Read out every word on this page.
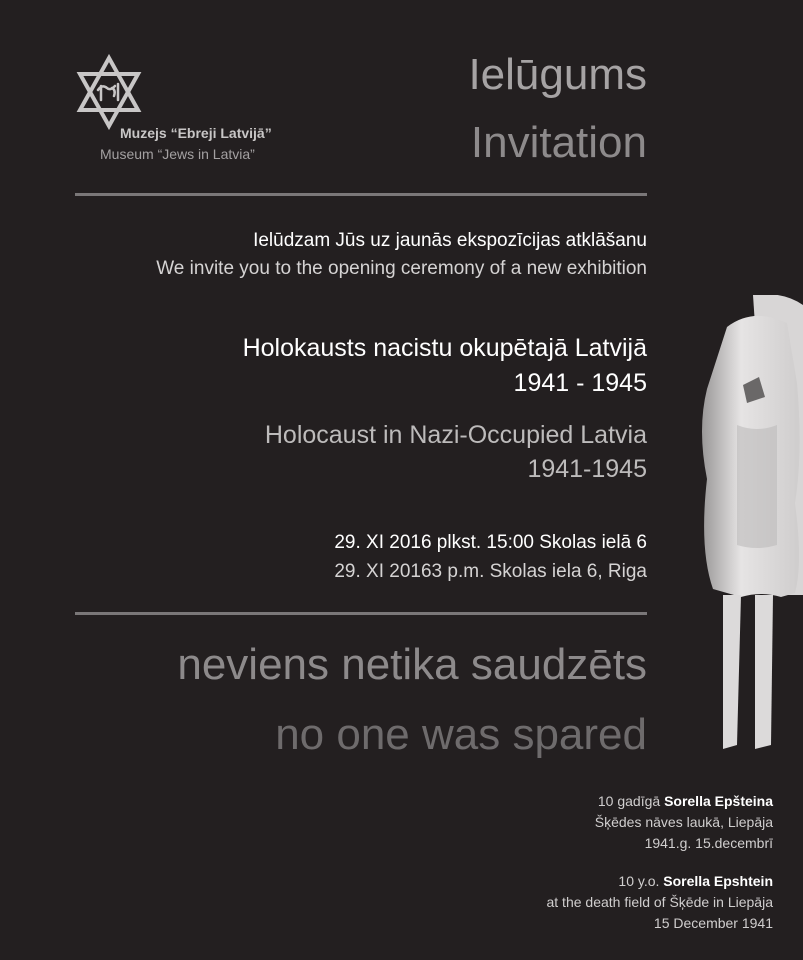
Muzejs “Ebreji Latvijā”
Museum “Jews in Latvia”
Ielūgums
Invitation
Ielūdzam Jūs uz jaunās ekspozīcijas atklāšanu
We invite you to the opening ceremony of a new exhibition
Holokausts nacistu okupētajā Latvijā
1941 - 1945
Holocaust in Nazi-Occupied Latvia
1941-1945
29. XI 2016 plkst. 15:00 Skolas ielā 6
29. XI 20163 p.m. Skolas iela 6, Riga
neviens netika saudzēts
no one was spared
10 gadīgā Sorella Epšteina
Šķēdes nāves laukā, Liepāja
1941.g. 15.decembrī
10 y.o. Sorella Epshtein
at the death field of Šķēde in Liepāja
15 December 1941
